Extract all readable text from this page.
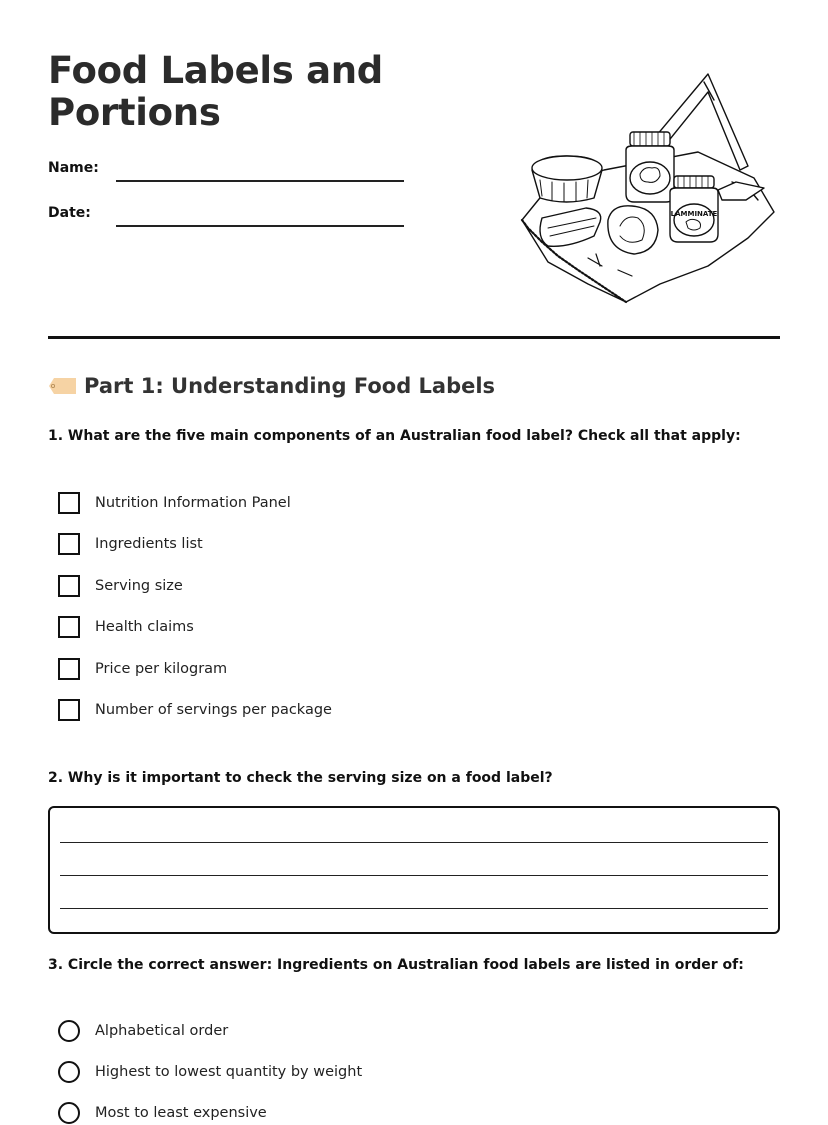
Food Labels and Portions
Name:
Date:	LAMMINATE
Part 1: Understanding Food Labels

1. What are the five main components of an Australian food label? Check all that apply:

Nutrition Information Panel
Ingredients list
Serving size
Health claims
Price per kilogram
Number of servings per package

2. Why is it important to check the serving size on a food label?

3. Circle the correct answer: Ingredients on Australian food labels are listed in order of:

Alphabetical order
Highest to lowest quantity by weight
Most to least expensive
